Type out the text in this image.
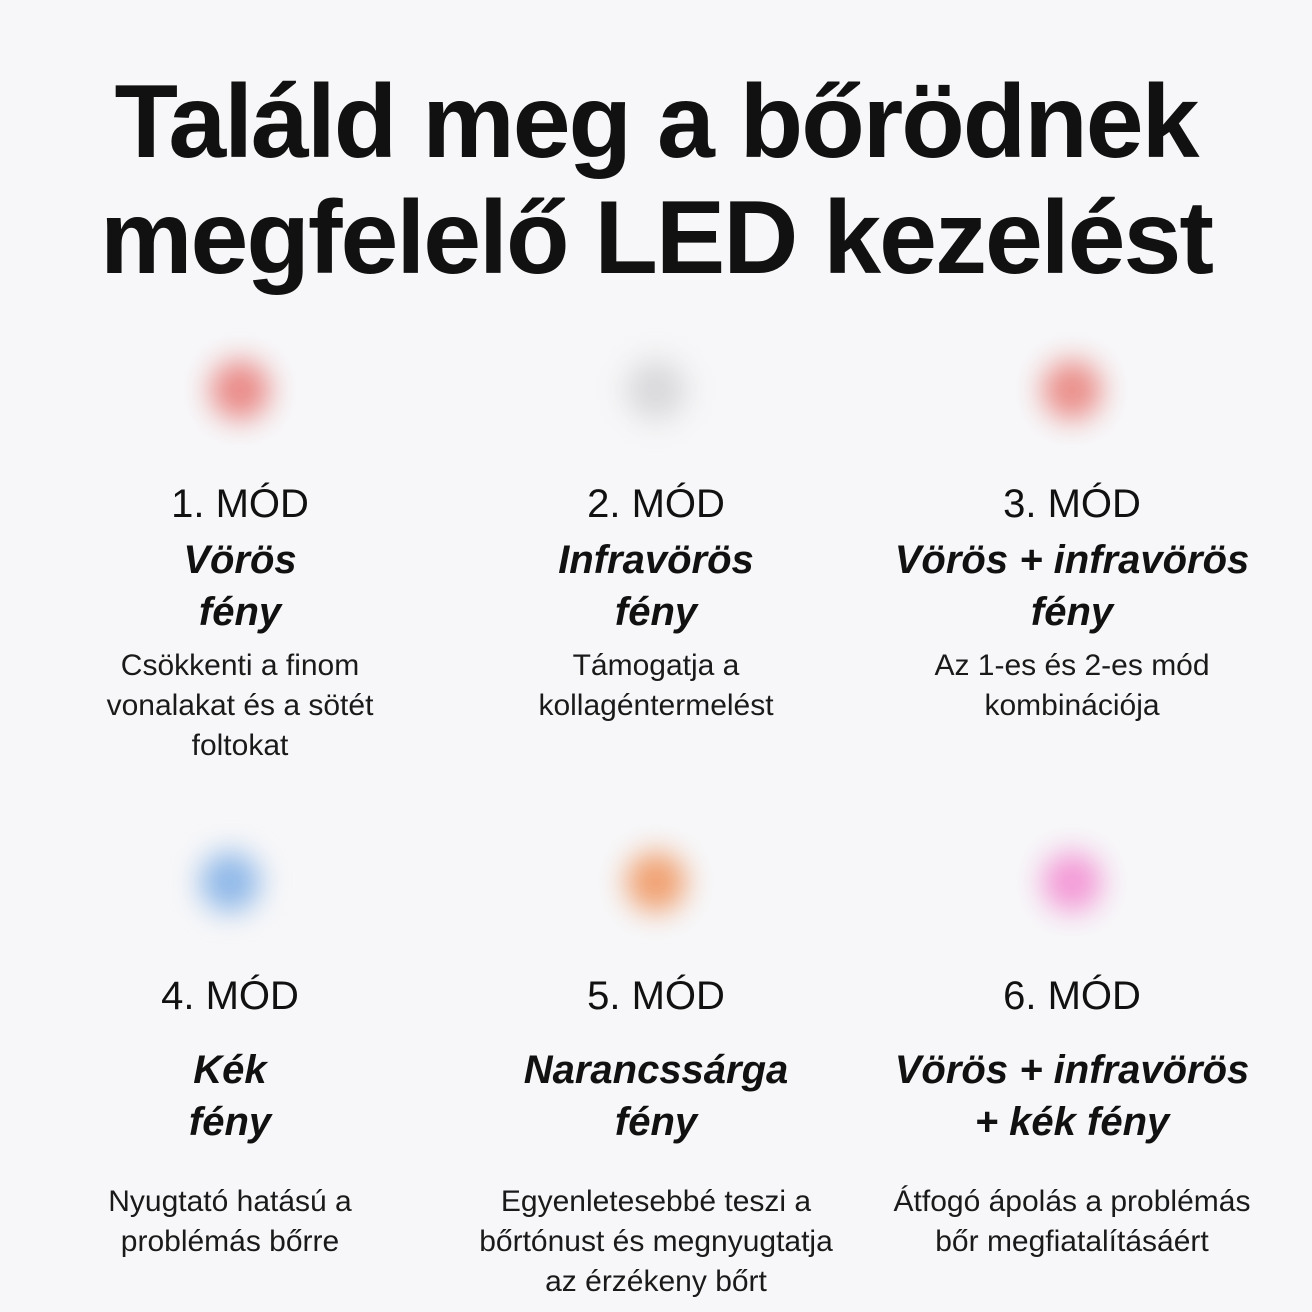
Találd meg a bőrödnek
megfelelő LED kezelést
1. MÓD
Vörös
fény
Csökkenti a finom
vonalakat és a sötét
foltokat
2. MÓD
Infravörös
fény
Támogatja a
kollagéntermelést
3. MÓD
Vörös + infravörös
fény
Az 1-es és 2-es mód
kombinációja
4. MÓD
Kék
fény
Nyugtató hatású a
problémás bőrre
5. MÓD
Narancssárga
fény
Egyenletesebbé teszi a
bőrtónust és megnyugtatja
az érzékeny bőrt
6. MÓD
Vörös + infravörös
+ kék fény
Átfogó ápolás a problémás
bőr megfiatalításáért
